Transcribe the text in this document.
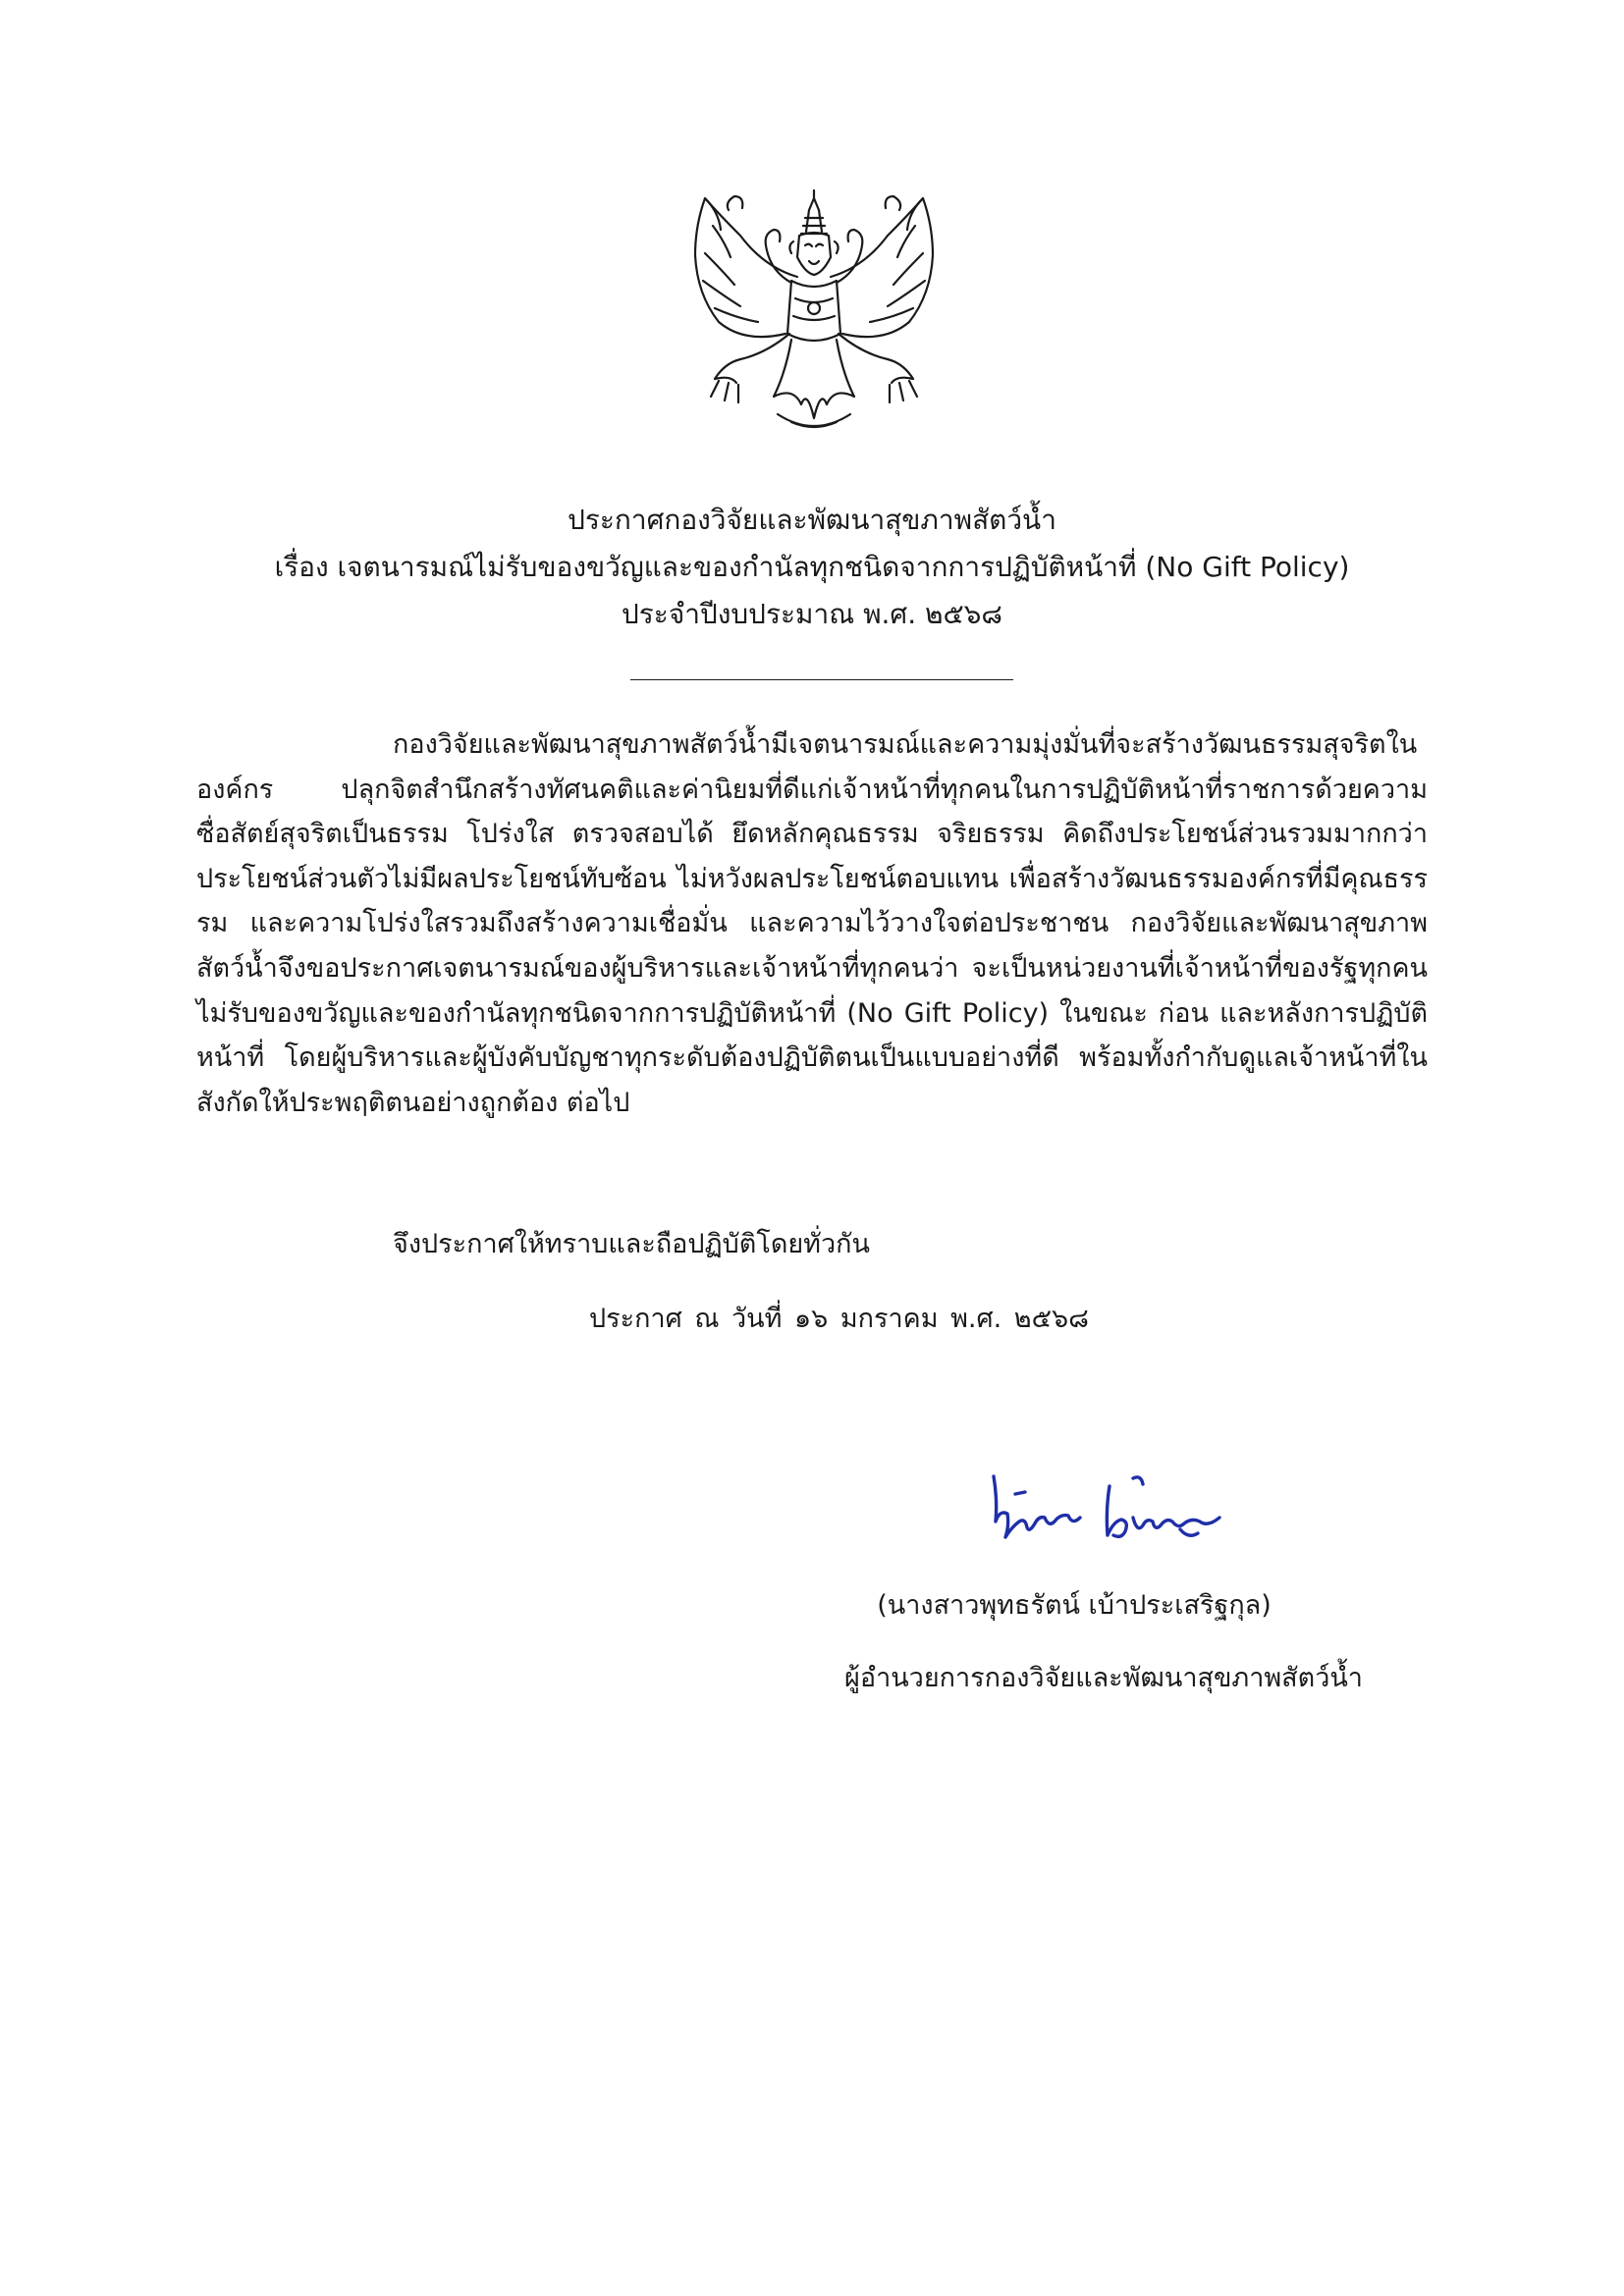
ประกาศกองวิจัยและพัฒนาสุขภาพสัตว์น้ำ
เรื่อง เจตนารมณ์ไม่รับของขวัญและของกำนัลทุกชนิดจากการปฏิบัติหน้าที่ (No Gift Policy)
ประจำปีงบประมาณ พ.ศ. ๒๕๖๘

กองวิจัยและพัฒนาสุขภาพสัตว์น้ำมีเจตนารมณ์และความมุ่งมั่นที่จะสร้างวัฒนธรรมสุจริตในองค์กร ปลุกจิตสำนึกสร้างทัศนคติและค่านิยมที่ดีแก่เจ้าหน้าที่ทุกคนในการปฏิบัติหน้าที่ราชการด้วยความซื่อสัตย์สุจริตเป็นธรรม โปร่งใส ตรวจสอบได้ ยึดหลักคุณธรรม จริยธรรม คิดถึงประโยชน์ส่วนรวมมากกว่าประโยชน์ส่วนตัวไม่มีผลประโยชน์ทับซ้อน ไม่หวังผลประโยชน์ตอบแทน เพื่อสร้างวัฒนธรรมองค์กรที่มีคุณธรรรม และความโปร่งใสรวมถึงสร้างความเชื่อมั่น และความไว้วางใจต่อประชาชน กองวิจัยและพัฒนาสุขภาพสัตว์น้ำจึงขอประกาศเจตนารมณ์ของผู้บริหารและเจ้าหน้าที่ทุกคนว่า จะเป็นหน่วยงานที่เจ้าหน้าที่ของรัฐทุกคนไม่รับของขวัญและของกำนัลทุกชนิดจากการปฏิบัติหน้าที่ (No Gift Policy) ในขณะ ก่อน และหลังการปฏิบัติหน้าที่ โดยผู้บริหารและผู้บังคับบัญชาทุกระดับต้องปฏิบัติตนเป็นแบบอย่างที่ดี พร้อมทั้งกำกับดูแลเจ้าหน้าที่ในสังกัดให้ประพฤติตนอย่างถูกต้อง ต่อไป

จึงประกาศให้ทราบและถือปฏิบัติโดยทั่วกัน
ประกาศ ณ วันที่ ๑๖ มกราคม พ.ศ. ๒๕๖๘
(นางสาวพุทธรัตน์ เบ้าประเสริฐกุล)
ผู้อำนวยการกองวิจัยและพัฒนาสุขภาพสัตว์น้ำ
